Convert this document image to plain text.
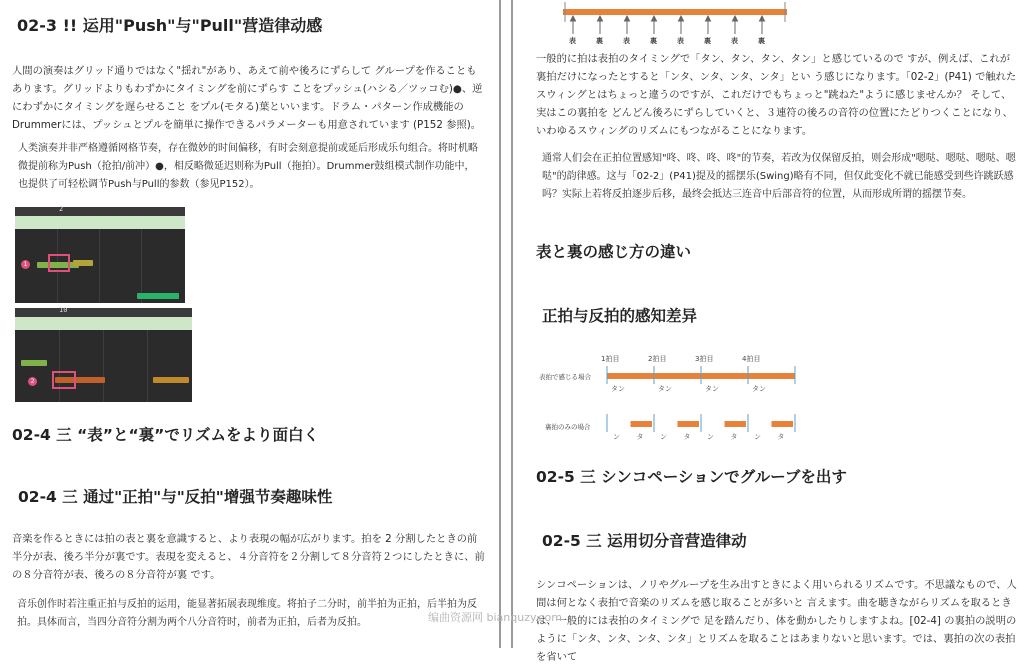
02-3 !! 运用"Push"与"Pull"营造律动感
人間の演奏はグリッド通りではなく"揺れ"があり、あえて前や後ろにずらして グループを作ることもあります。グリッドよりもわずかにタイミングを前にずらす ことをプッシュ(ハシる／ツッコむ)●、逆にわずかにタイミングを遅らせること をプル(モタる)葉といいます。ドラム・パターン作成機能のDrummerには、プッシュとプルを簡単に操作できるパラメーターも用意されています (P152 参照)。
人类演奏并非严格遵循网格节奏，存在微妙的时间偏移，有时会刻意提前或延后形成乐句组合。将时机略微提前称为Push（抢拍/前冲）●，相反略微延迟则称为Pull（拖拍）。Drummer鼓组模式制作功能中，也提供了可轻松调节Push与Pull的参数（参见P152）。
2
1
10
2
02-4 三 “表”と“裏”でリズムをより面白く
02-4 三 通过"正拍"与"反拍"增强节奏趣味性
音楽を作るときには拍の表と裏を意識すると、より表現の幅が広がります。拍を 2 分割したときの前半分が表、後ろ半分が裏です。表現を変えると、４分音符を２分割して８分音符２つにしたときに、前の８分音符が表、後ろの８分音符が裏 です。
音乐创作时若注重正拍与反拍的运用，能显著拓展表现维度。将拍子二分时，前半拍为正拍，后半拍为反拍。具体而言，当四分音符分割为两个八分音符时，前者为正拍，后者为反拍。
表	裏	表	裏	表	裏	表	裏
一般的に拍は表拍のタイミングで「タン、タン、タン、タン」と感じているので すが、例えば、これが裏拍だけになったとすると「ンタ、ンタ、ンタ、ンタ」とい う感じになります。「02-2」(P41) で触れたスウィングとはちょっと違うのですが、これだけでもちょっと"跳ねた"ように感じませんか？ そして、実はこの裏拍を どんどん後ろにずらしていくと、３連符の後ろの音符の位置にたどりつくことになり、いわゆるスウィングのリズムにもつながることになります。
通常人们会在正拍位置感知"咚、咚、咚、咚"的节奏，若改为仅保留反拍，则会形成"嗯哒、嗯哒、嗯哒、嗯哒"的韵律感。这与「02-2」(P41)提及的摇摆乐(Swing)略有不同，但仅此变化不就已能感受到些许跳跃感吗？实际上若将反拍逐步后移，最终会抵达三连音中后部音符的位置，从而形成所谓的摇摆节奏。
表と裏の感じ方の違い
正拍与反拍的感知差异
表拍で感じる場合
裏拍のみの場合
1拍目	2拍目	3拍目	4拍目
タン	タン	タン	タン
ン タ ン タ ン タ ン タ
02-5 三 シンコペーションでグルーブを出す
02-5 三 运用切分音营造律动
シンコペーションは、ノリやグループを生み出すときによく用いられるリズムです。不思議なもので、人間は何となく表拍で音楽のリズムを感じ取ることが多いと 言えます。曲を聴きながらリズムを取るときは、一般的には表拍のタイミングで 足を踏んだり、体を動かしたりしますよね。[02-4] の裏拍の説明のように「ンタ、ンタ、ンタ、ンタ」とリズムを取ることはあまりないと思います。では、裏拍の次の表拍を省いて
编曲资源网 bianquzy.com
